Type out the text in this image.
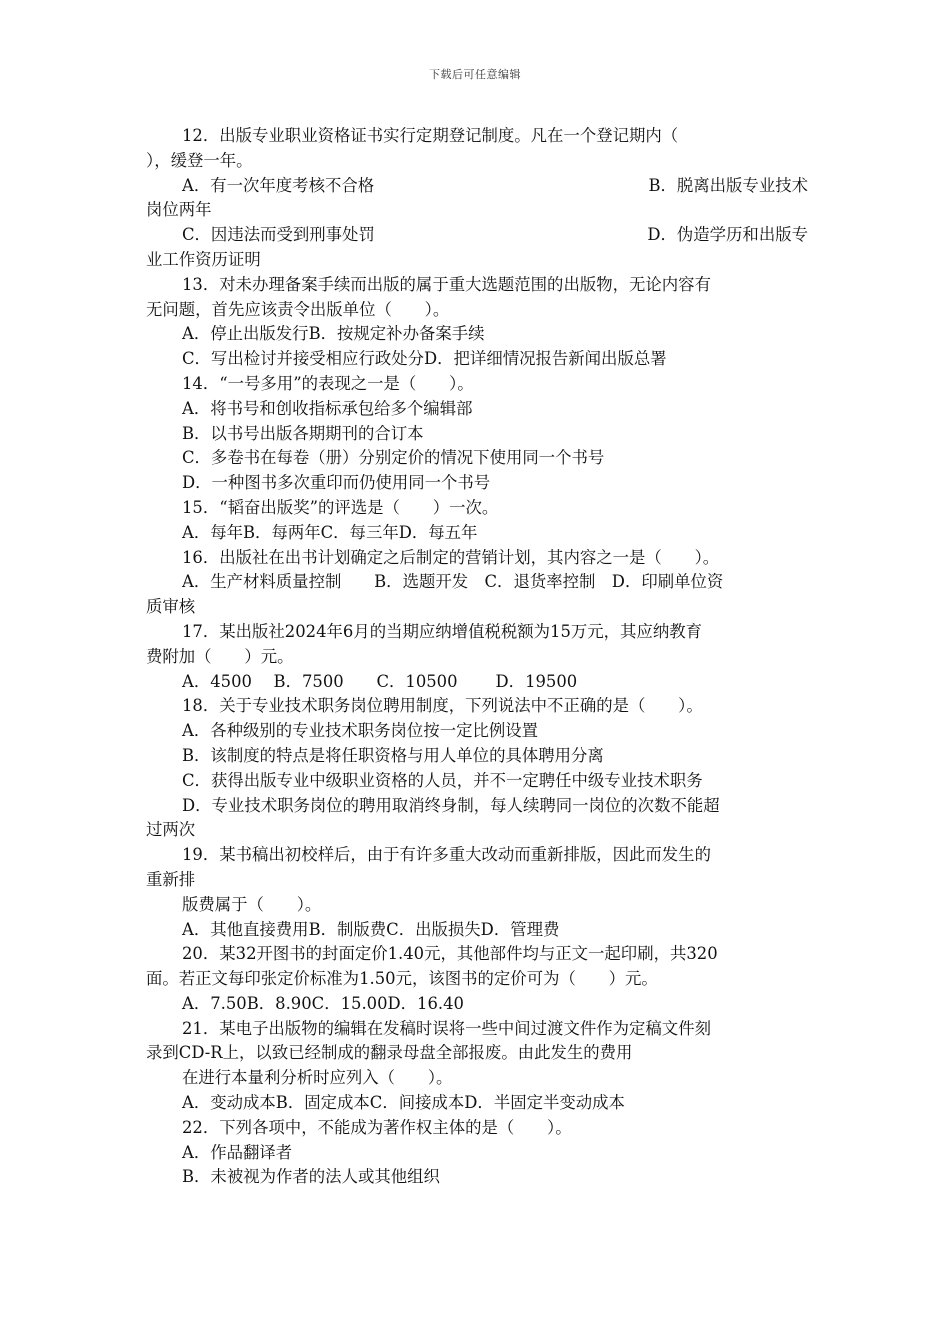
下载后可任意编辑
12．出版专业职业资格证书实行定期登记制度。凡在一个登记期内（
），缓登一年。
A．有一次年度考核不合格	B．脱离出版专业技术
岗位两年
C．因违法而受到刑事处罚	D．伪造学历和出版专
业工作资历证明
13．对未办理备案手续而出版的属于重大选题范围的出版物，无论内容有
无问题，首先应该责令出版单位（　　）。
A．停止出版发行B．按规定补办备案手续
C．写出检讨并接受相应行政处分D．把详细情况报告新闻出版总署
14．“一号多用”的表现之一是（　　）。
A．将书号和创收指标承包给多个编辑部
B．以书号出版各期期刊的合订本
C．多卷书在每卷（册）分别定价的情况下使用同一个书号
D．一种图书多次重印而仍使用同一个书号
15．“韬奋出版奖”的评选是（　　）一次。
A．每年B．每两年C．每三年D．每五年
16．出版社在出书计划确定之后制定的营销计划，其内容之一是（　　）。
A．生产材料质量控制　　B．选题开发　C．退货率控制　D．印刷单位资
质审核
17．某出版社2024年6月的当期应纳增值税税额为15万元，其应纳教育
费附加（　　）元。
A．4500　 B．7500　　C．10500　　 D．19500
18．关于专业技术职务岗位聘用制度，下列说法中不正确的是（　　）。
A．各种级别的专业技术职务岗位按一定比例设置
B．该制度的特点是将任职资格与用人单位的具体聘用分离
C．获得出版专业中级职业资格的人员，并不一定聘任中级专业技术职务
D．专业技术职务岗位的聘用取消终身制，每人续聘同一岗位的次数不能超
过两次
19．某书稿出初校样后，由于有许多重大改动而重新排版，因此而发生的
重新排
版费属于（　　）。
A．其他直接费用B．制版费C．出版损失D．管理费
20．某32开图书的封面定价1.40元，其他部件均与正文一起印刷，共320
面。若正文每印张定价标准为1.50元，该图书的定价可为（　　）元。
A．7.50B．8.90C．15.00D．16.40
21．某电子出版物的编辑在发稿时误将一些中间过渡文件作为定稿文件刻
录到CD-R上，以致已经制成的翻录母盘全部报废。由此发生的费用
在进行本量利分析时应列入（　　）。
A．变动成本B．固定成本C．间接成本D．半固定半变动成本
22．下列各项中，不能成为著作权主体的是（　　）。
A．作品翻译者
B．未被视为作者的法人或其他组织
